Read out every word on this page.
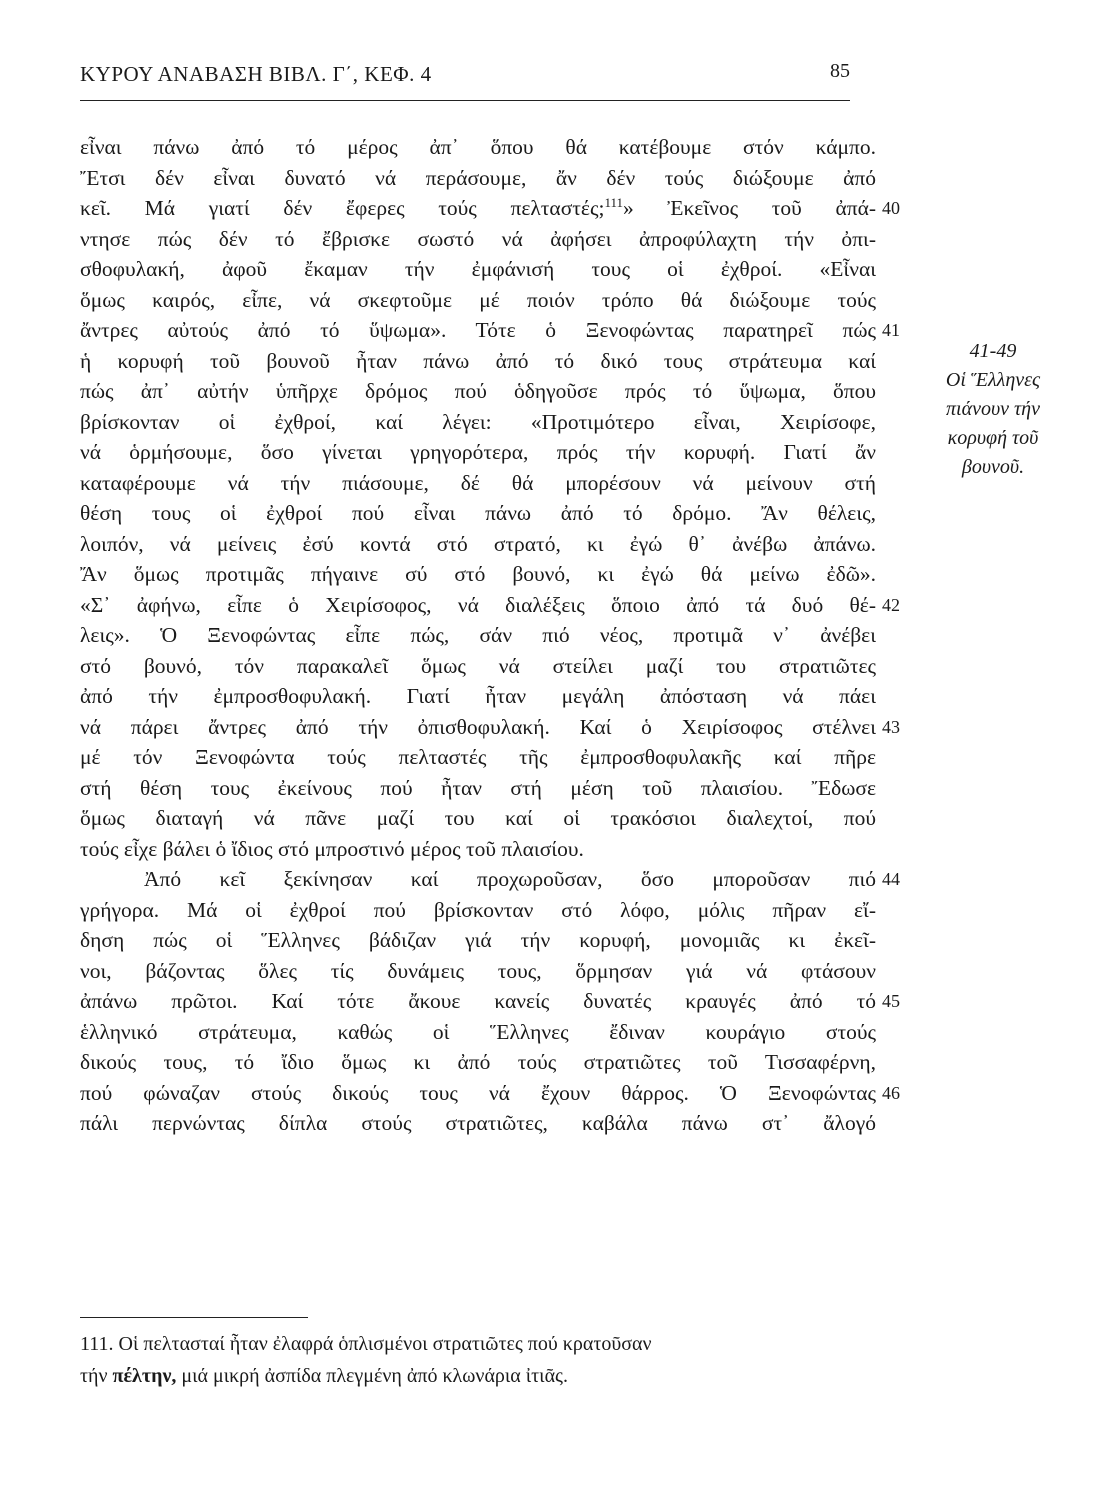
ΚΥΡΟΥ ΑΝΑΒΑΣΗ ΒΙΒΛ. Γ΄, ΚΕΦ. 4	85
εἶναι πάνω ἀπό τό μέρος ἀπ᾽ ὅπου θά κατέβουμε στόν κάμπο.
Ἔτσι δέν εἶναι δυνατό νά περάσουμε, ἄν δέν τούς διώξουμε ἀπό
κεῖ. Μά γιατί δέν ἔφερες τούς πελταστές;$^{111}$» Ἐκεῖνος τοῦ ἀπά- 40
ντησε πώς δέν τό ἔβρισκε σωστό νά ἀφήσει ἀπροφύλαχτη τήν ὀπι-
σθοφυλακή, ἀφοῦ ἔκαμαν τήν ἐμφάνισή τους οἱ ἐχθροί. «Εἶναι
ὅμως καιρός, εἶπε, νά σκεφτοῦμε μέ ποιόν τρόπο θά διώξουμε τούς
ἄντρες αὐτούς ἀπό τό ὕψωμα». Τότε ὁ Ξενοφώντας παρατηρεῖ πώς 41
ἡ κορυφή τοῦ βουνοῦ ἦταν πάνω ἀπό τό δικό τους στράτευμα καί
πώς ἀπ᾽ αὐτήν ὑπῆρχε δρόμος πού ὁδηγοῦσε πρός τό ὕψωμα, ὅπου
βρίσκονταν οἱ ἐχθροί, καί λέγει: «Προτιμότερο εἶναι, Χειρίσοφε,
νά ὁρμήσουμε, ὅσο γίνεται γρηγορότερα, πρός τήν κορυφή. Γιατί ἄν
καταφέρουμε νά τήν πιάσουμε, δέ θά μπορέσουν νά μείνουν στή
θέση τους οἱ ἐχθροί πού εἶναι πάνω ἀπό τό δρόμο. Ἄν θέλεις,
λοιπόν, νά μείνεις ἐσύ κοντά στό στρατό, κι ἐγώ θ᾽ ἀνέβω ἀπάνω.
Ἄν ὅμως προτιμᾶς πήγαινε σύ στό βουνό, κι ἐγώ θά μείνω ἐδῶ».
«Σ᾽ ἀφήνω, εἶπε ὁ Χειρίσοφος, νά διαλέξεις ὅποιο ἀπό τά δυό θέ- 42
λεις». Ὁ Ξενοφώντας εἶπε πώς, σάν πιό νέος, προτιμᾶ ν᾽ ἀνέβει
στό βουνό, τόν παρακαλεῖ ὅμως νά στείλει μαζί του στρατιῶτες
ἀπό τήν ἐμπροσθοφυλακή. Γιατί ἦταν μεγάλη ἀπόσταση νά πάει
νά πάρει ἄντρες ἀπό τήν ὀπισθοφυλακή. Καί ὁ Χειρίσοφος στέλνει 43
μέ τόν Ξενοφώντα τούς πελταστές τῆς ἐμπροσθοφυλακῆς καί πῆρε
στή θέση τους ἐκείνους πού ἦταν στή μέση τοῦ πλαισίου. Ἔδωσε
ὅμως διαταγή νά πᾶνε μαζί του καί οἱ τρακόσιοι διαλεχτοί, πού
τούς εἶχε βάλει ὁ ἴδιος στό μπροστινό μέρος τοῦ πλαισίου.
Ἀπό κεῖ ξεκίνησαν καί προχωροῦσαν, ὅσο μποροῦσαν πιό 44
γρήγορα. Μά οἱ ἐχθροί πού βρίσκονταν στό λόφο, μόλις πῆραν εἴ-
δηση πώς οἱ Ἕλληνες βάδιζαν γιά τήν κορυφή, μονομιᾶς κι ἐκεῖ-
νοι, βάζοντας ὅλες τίς δυνάμεις τους, ὅρμησαν γιά νά φτάσουν
ἀπάνω πρῶτοι. Καί τότε ἄκουε κανείς δυνατές κραυγές ἀπό τό 45
ἑλληνικό στράτευμα, καθώς οἱ Ἕλληνες ἔδιναν κουράγιο στούς
δικούς τους, τό ἴδιο ὅμως κι ἀπό τούς στρατιῶτες τοῦ Τισσαφέρνη,
πού φώναζαν στούς δικούς τους νά ἔχουν θάρρος. Ὁ Ξενοφώντας 46
πάλι περνώντας δίπλα στούς στρατιῶτες, καβάλα πάνω στ᾽ ἄλογό
41-49
Οἱ Ἕλληνες
πιάνουν τήν
κορυφή τοῦ
βουνοῦ.
111. Οἱ πελτασταί ἦταν ἐλαφρά ὁπλισμένοι στρατιῶτες πού κρατοῦσαν
τήν πέλτην, μιά μικρή ἀσπίδα πλεγμένη ἀπό κλωνάρια ἰτιᾶς.
